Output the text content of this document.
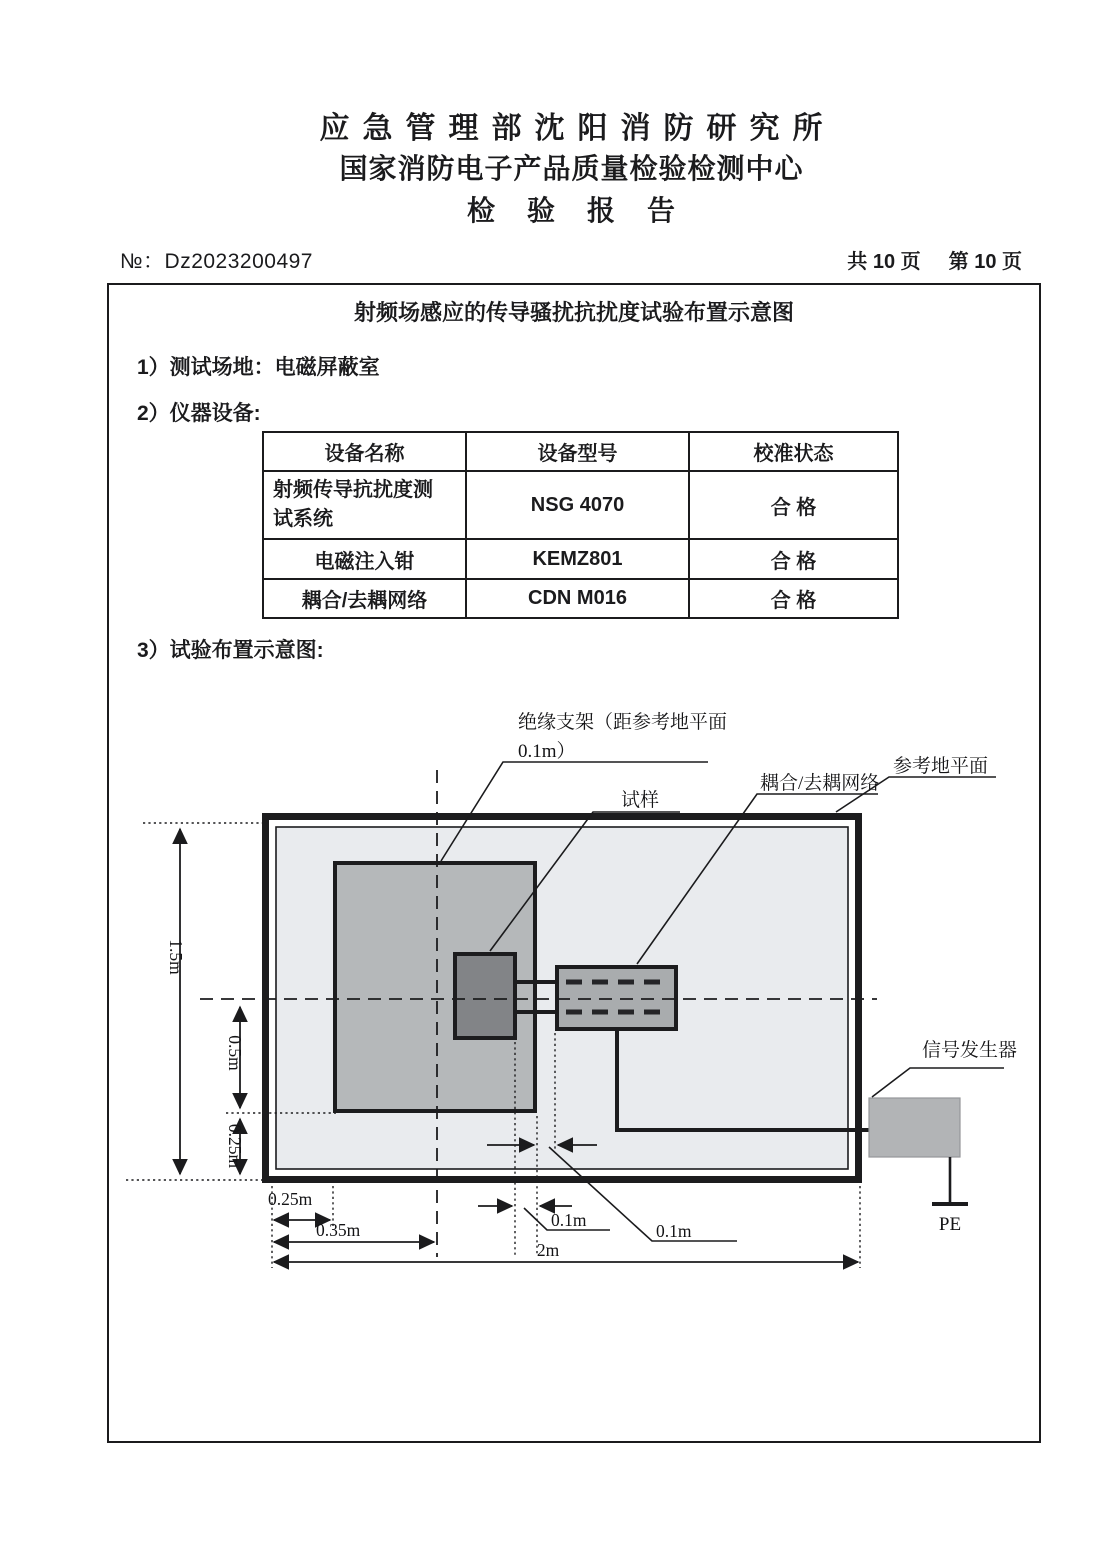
应急管理部沈阳消防研究所
国家消防电子产品质量检验检测中心
检验报告
№：Dz2023200497	共 10 页 第 10 页
射频场感应的传导骚扰抗扰度试验布置示意图
1）测试场地：电磁屏蔽室
2）仪器设备:
3）试验布置示意图:
设备名称	设备型号	校准状态
射频传导抗扰度测试系统	NSG 4070	合 格
电磁注入钳	KEMZ801	合 格
耦合/去耦网络	CDN M016	合 格
PE
1.5m
0.5m
0.25m
0.25m
0.35m	0.1m
0.1m
2m
绝缘支架（距参考地平面
0.1m）
试样
耦合/去耦网络
参考地平面
信号发生器
